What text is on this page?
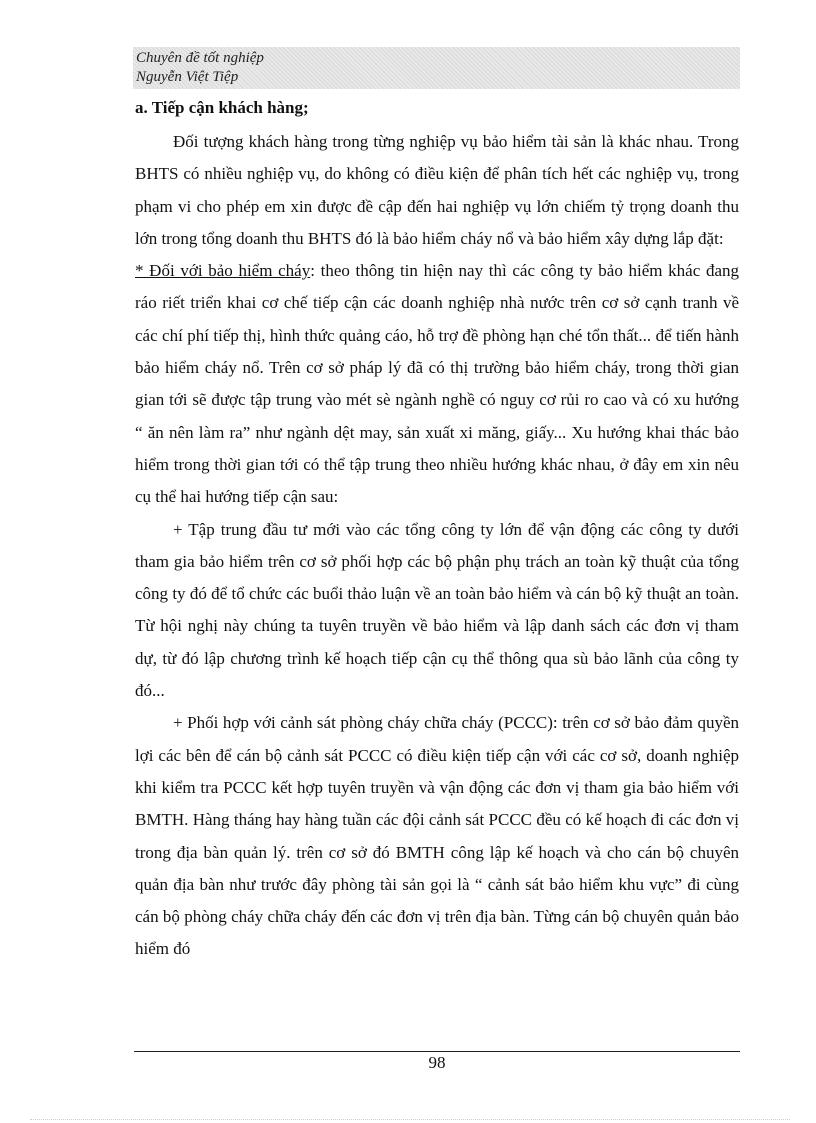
Chuyên đề tốt nghiệp
Nguyễn Việt Tiệp

a. Tiếp cận khách hàng;

Đối tượng khách hàng trong từng nghiệp vụ bảo hiểm tài sản là khác nhau. Trong BHTS có nhiều nghiệp vụ, do không có điều kiện để phân tích hết các nghiệp vụ, trong phạm vi cho phép em xin được đề cập đến hai nghiệp vụ lớn chiếm tỷ trọng doanh thu lớn trong tổng doanh thu BHTS đó là bảo hiểm cháy nổ và bảo hiểm xây dựng lắp đặt:

* Đối với bảo hiểm cháy: theo thông tin hiện nay thì các công ty bảo hiểm khác đang ráo riết triển khai cơ chế tiếp cận các doanh nghiệp nhà nước trên cơ sở cạnh tranh về các chí phí tiếp thị, hình thức quảng cáo, hỗ trợ đề phòng hạn ché tổn thất... để tiến hành bảo hiểm cháy nổ. Trên cơ sở pháp lý đã có thị trường bảo hiểm cháy, trong thời gian gian tới sẽ được tập trung vào mét sè ngành nghề có nguy cơ rủi ro cao và có xu hướng “ ăn nên làm ra” như ngành dệt may, sản xuất xi măng, giấy... Xu hướng khai thác bảo hiểm trong thời gian tới có thể tập trung theo nhiều hướng khác nhau, ở đây em xin nêu cụ thể hai hướng tiếp cận sau:

+ Tập trung đầu tư mới vào các tổng công ty lớn để vận động các công ty dưới tham gia bảo hiểm trên cơ sở phối hợp các bộ phận phụ trách an toàn kỹ thuật của tổng công ty đó để tổ chức các buổi thảo luận về an toàn bảo hiểm và cán bộ kỹ thuật an toàn. Từ hội nghị này chúng ta tuyên truyền về bảo hiểm và lập danh sách các đơn vị tham dự, từ đó lập chương trình kế hoạch tiếp cận cụ thể thông qua sù bảo lãnh của công ty đó...

+ Phối hợp với cảnh sát phòng cháy chữa cháy (PCCC): trên cơ sở bảo đảm quyền lợi các bên để cán bộ cảnh sát PCCC có điều kiện tiếp cận với các cơ sở, doanh nghiệp khi kiểm tra PCCC kết hợp tuyên truyền và vận động các đơn vị tham gia bảo hiểm với BMTH. Hàng tháng hay hàng tuần các đội cảnh sát PCCC đều có kế hoạch đi các đơn vị trong địa bàn quản lý. trên cơ sở đó BMTH công lập kế hoạch và cho cán bộ chuyên quản địa bàn như trước đây phòng tài sản gọi là “ cảnh sát bảo hiểm khu vực” đi cùng cán bộ phòng cháy chữa cháy đến các đơn vị trên địa bàn. Từng cán bộ chuyên quản bảo hiểm đó

98
